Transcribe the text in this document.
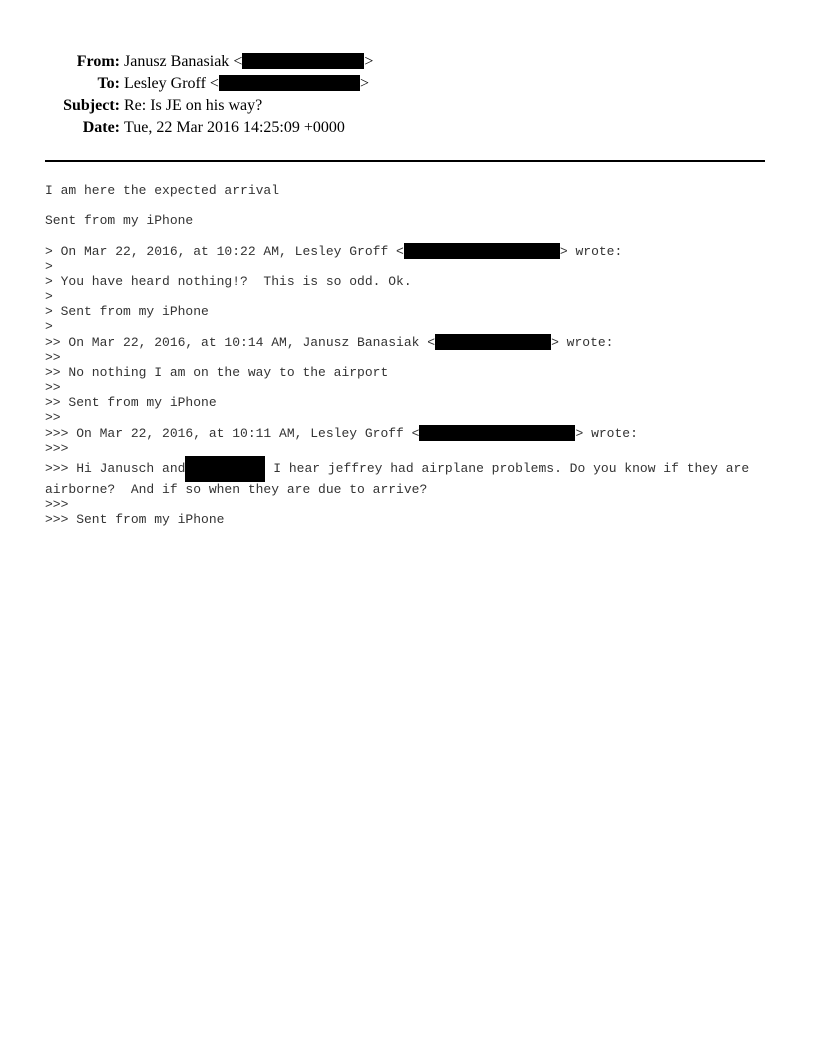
From: Janusz Banasiak <	>
To: Lesley Groff <	>
Subject: Re: Is JE on his way?
Date: Tue, 22 Mar 2016 14:25:09 +0000
I am here the expected arrival
Sent from my iPhone
> On Mar 22, 2016, at 10:22 AM, Lesley Groff <	> wrote:
>
> You have heard nothing!?  This is so odd. Ok.
>
> Sent from my iPhone
>
>> On Mar 22, 2016, at 10:14 AM, Janusz Banasiak <	> wrote:
>>
>> No nothing I am on the way to the airport
>>
>> Sent from my iPhone
>>
>>> On Mar 22, 2016, at 10:11 AM, Lesley Groff <	> wrote:
>>>
>>> Hi Janusch and	I hear jeffrey had airplane problems. Do you know if they are
airborne?  And if so when they are due to arrive?
>>>
>>> Sent from my iPhone
